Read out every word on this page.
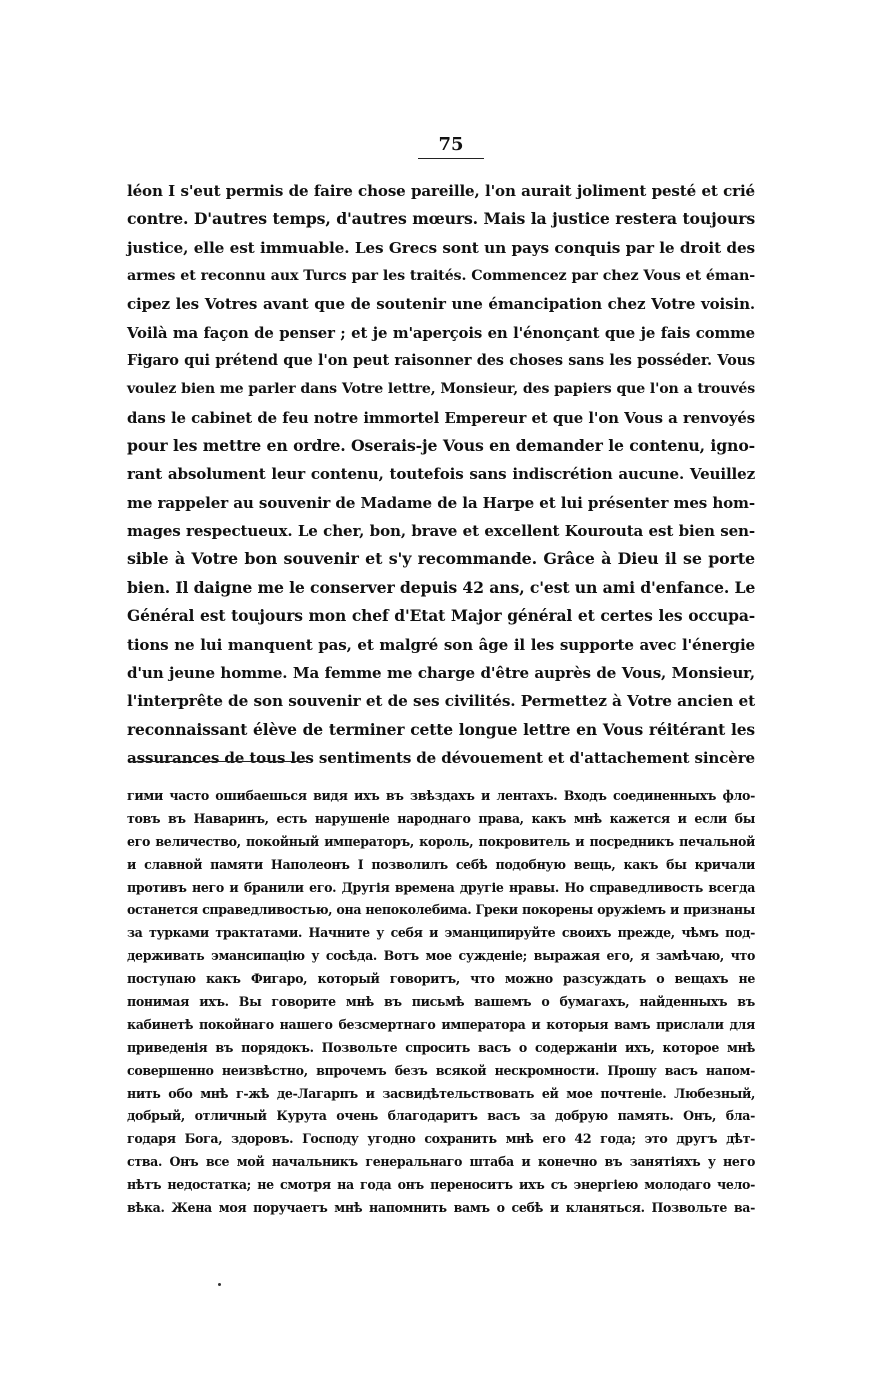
75
léon I s'eut permis de faire chose pareille, l'on aurait joliment pesté et crié
contre. D'autres temps, d'autres mœurs. Mais la justice restera toujours
justice, elle est immuable. Les Grecs sont un pays conquis par le droit des
armes et reconnu aux Turcs par les traités. Commencez par chez Vous et éman-
cipez les Votres avant que de soutenir une émancipation chez Votre voisin.
Voilà ma façon de penser ; et je m'aperçois en l'énonçant que je fais comme
Figaro qui prétend que l'on peut raisonner des choses sans les posséder. Vous
voulez bien me parler dans Votre lettre, Monsieur, des papiers que l'on a trouvés
dans le cabinet de feu notre immortel Empereur et que l'on Vous a renvoyés
pour les mettre en ordre. Oserais-je Vous en demander le contenu, igno-
rant absolument leur contenu, toutefois sans indiscrétion aucune. Veuillez
me rappeler au souvenir de Madame de la Harpe et lui présenter mes hom-
mages respectueux. Le cher, bon, brave et excellent Kourouta est bien sen-
sible à Votre bon souvenir et s'y recommande. Grâce à Dieu il se porte
bien. Il daigne me le conserver depuis 42 ans, c'est un ami d'enfance. Le
Général est toujours mon chef d'Etat Major général et certes les occupa-
tions ne lui manquent pas, et malgré son âge il les supporte avec l'énergie
d'un jeune homme. Ma femme me charge d'être auprès de Vous, Monsieur,
l'interprête de son souvenir et de ses civilités. Permettez à Votre ancien et
reconnaissant élève de terminer cette longue lettre en Vous réitérant les
assurances de tous les sentiments de dévouement et d'attachement sincère
гими часто ошибаешься видя ихъ въ звѣздахъ и лентахъ. Входъ соединенныхъ фло-
товъ въ Наваринъ, есть нарушеніе народнаго права, какъ мнѣ кажется и если бы
его величество, покойный императоръ, король, покровитель и посредникъ печальной
и славной памяти Наполеонъ I позволилъ себѣ подобную вещь, какъ бы кричали
противъ него и бранили его. Другія времена другіе нравы. Но справедливость всегда
останется справедливостью, она непоколебима. Греки покорены оружіемъ и признаны
за турками трактатами. Начните у себя и эманципируйте своихъ прежде, чѣмъ под-
держивать эмансипацію у сосѣда. Вотъ мое сужденіе; выражая его, я замѣчаю, что
поступаю какъ Фигаро, который говоритъ, что можно разсуждать о вещахъ не
понимая ихъ. Вы говорите мнѣ въ письмѣ вашемъ о бумагахъ, найденныхъ въ
кабинетѣ покойнаго нашего безсмертнаго императора и которыя вамъ прислали для
приведенія въ порядокъ. Позвольте спросить васъ о содержаніи ихъ, которое мнѣ
совершенно неизвѣстно, впрочемъ безъ всякой нескромности. Прошу васъ напом-
нить обо мнѣ г-жѣ де-Лагарпъ и засвидѣтельствовать ей мое почтеніе. Любезный,
добрый, отличный Курута очень благодаритъ васъ за добрую память. Онъ, бла-
годаря Бога, здоровъ. Господу угодно сохранить мнѣ его 42 года; это другъ дѣт-
ства. Онъ все мой начальникъ генеральнаго штаба и конечно въ занятіяхъ у него
нѣтъ недостатка; не смотря на года онъ переноситъ ихъ съ энергіею молодаго чело-
вѣка. Жена моя поручаетъ мнѣ напомнить вамъ о себѣ и кланяться. Позвольте ва-
